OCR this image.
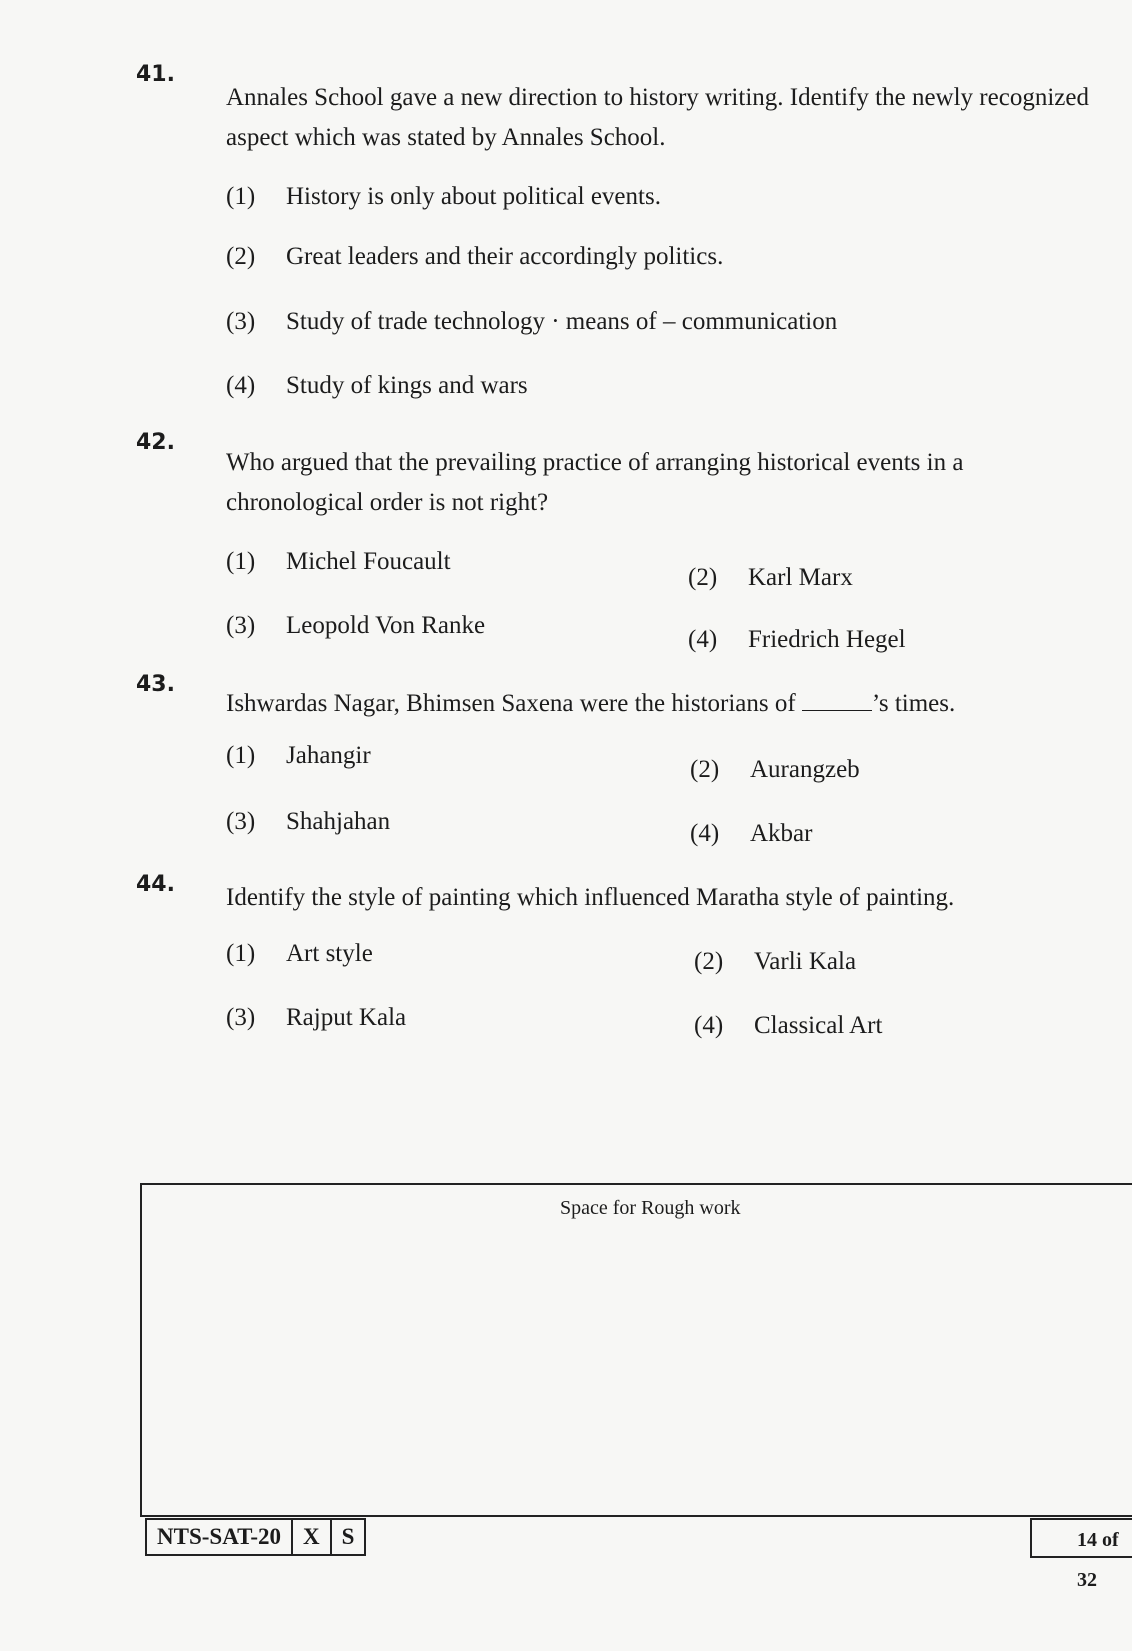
41.
Annales School gave a new direction to history writing. Identify the newly recognized aspect which was stated by Annales School.
(1) History is only about political events.
(2) Great leaders and their accordingly politics.
(3) Study of trade technology · means of – communication
(4) Study of kings and wars
42.
Who argued that the prevailing practice of arranging historical events in a chronological order is not right?
(1) Michel Foucault
(2) Karl Marx
(3) Leopold Von Ranke
(4) Friedrich Hegel
43.
Ishwardas Nagar, Bhimsen Saxena were the historians of	’s times.
(1) Jahangir
(2) Aurangzeb
(3) Shahjahan	(4) Akbar
44. Identify the style of painting which influenced Maratha style of painting.
(1) Art style	(2) Varli Kala
(3) Rajput Kala	(4) Classical Art
Space for Rough work
NTS-SAT-20 X S	14 of 32
